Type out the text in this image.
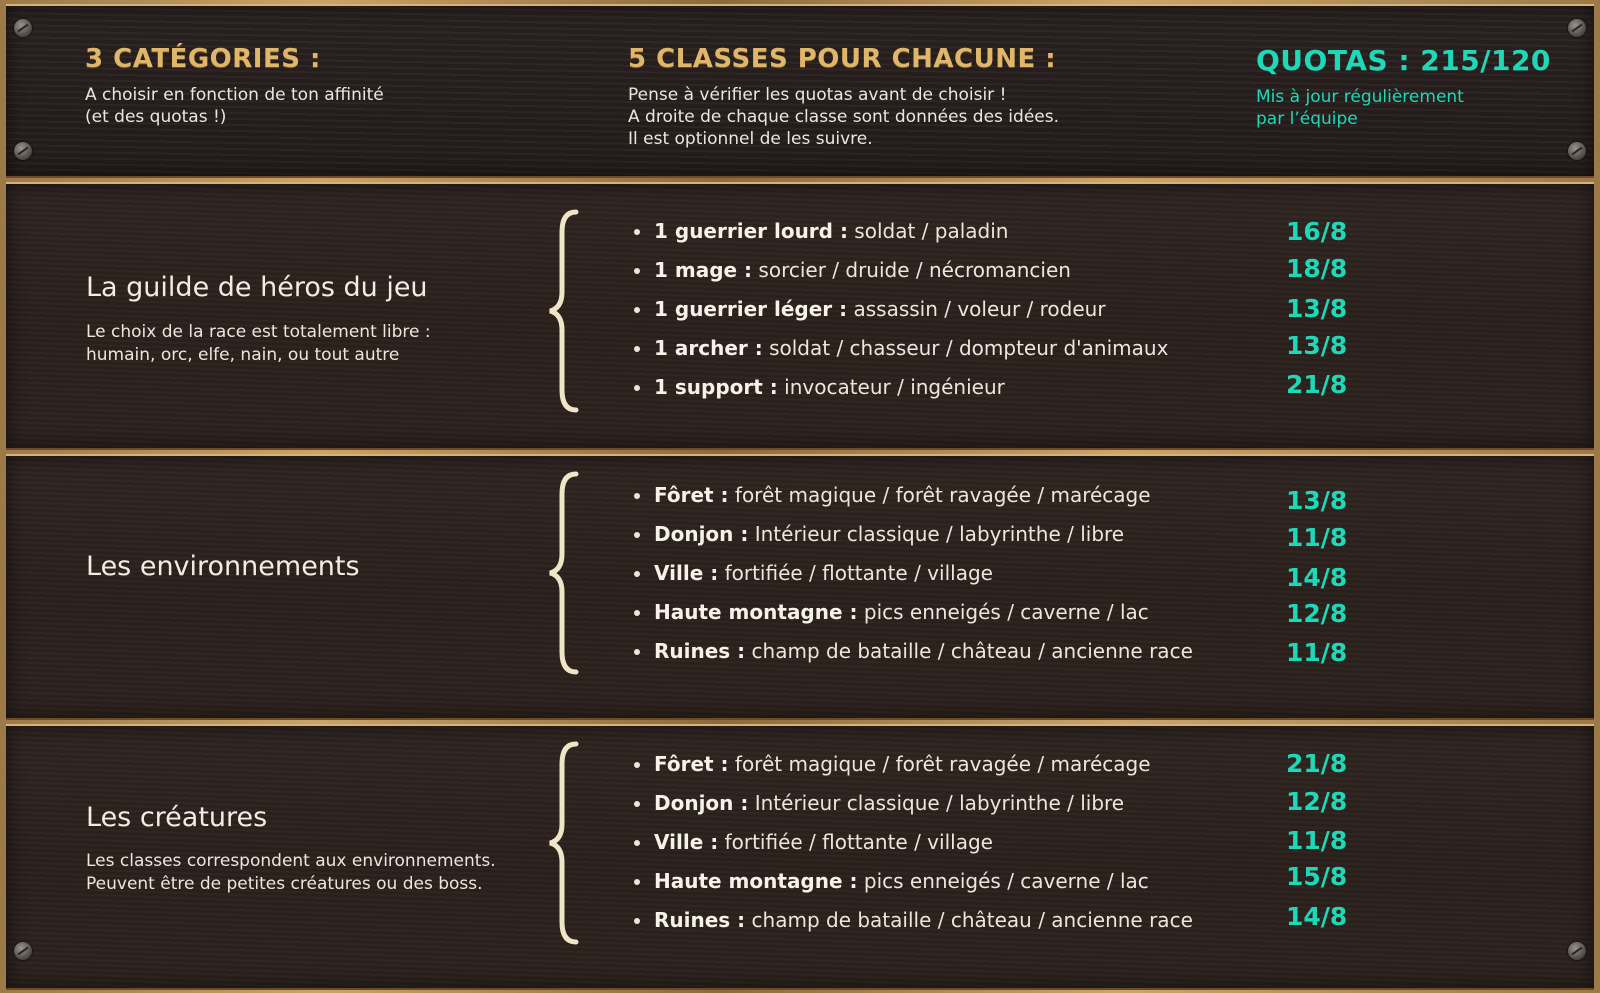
3 CATÉGORIES :
A choisir en fonction de ton affinité
(et des quotas !)
5 CLASSES POUR CHACUNE :
Pense à vérifier les quotas avant de choisir !
A droite de chaque classe sont données des idées.
Il est optionnel de les suivre.
QUOTAS : 215/120
Mis à jour régulièrement
par l’équipe
La guilde de héros du jeu
Le choix de la race est totalement libre :
humain, orc, elfe, nain, ou tout autre
1 guerrier lourd : soldat / paladin
1 mage : sorcier / druide / nécromancien
1 guerrier léger : assassin / voleur / rodeur
1 archer : soldat / chasseur / dompteur d'animaux
1 support : invocateur / ingénieur
16/8
18/8
13/8
13/8
21/8
Les environnements
Fôret : forêt magique / forêt ravagée / marécage
Donjon : Intérieur classique / labyrinthe / libre
Ville : fortifiée / flottante / village
Haute montagne : pics enneigés / caverne / lac
Ruines : champ de bataille / château / ancienne race
13/8
11/8
14/8
12/8
11/8
Les créatures
Les classes correspondent aux environnements.
Peuvent être de petites créatures ou des boss.
Fôret : forêt magique / forêt ravagée / marécage
Donjon : Intérieur classique / labyrinthe / libre
Ville : fortifiée / flottante / village
Haute montagne : pics enneigés / caverne / lac
Ruines : champ de bataille / château / ancienne race
21/8
12/8
11/8
15/8
14/8
